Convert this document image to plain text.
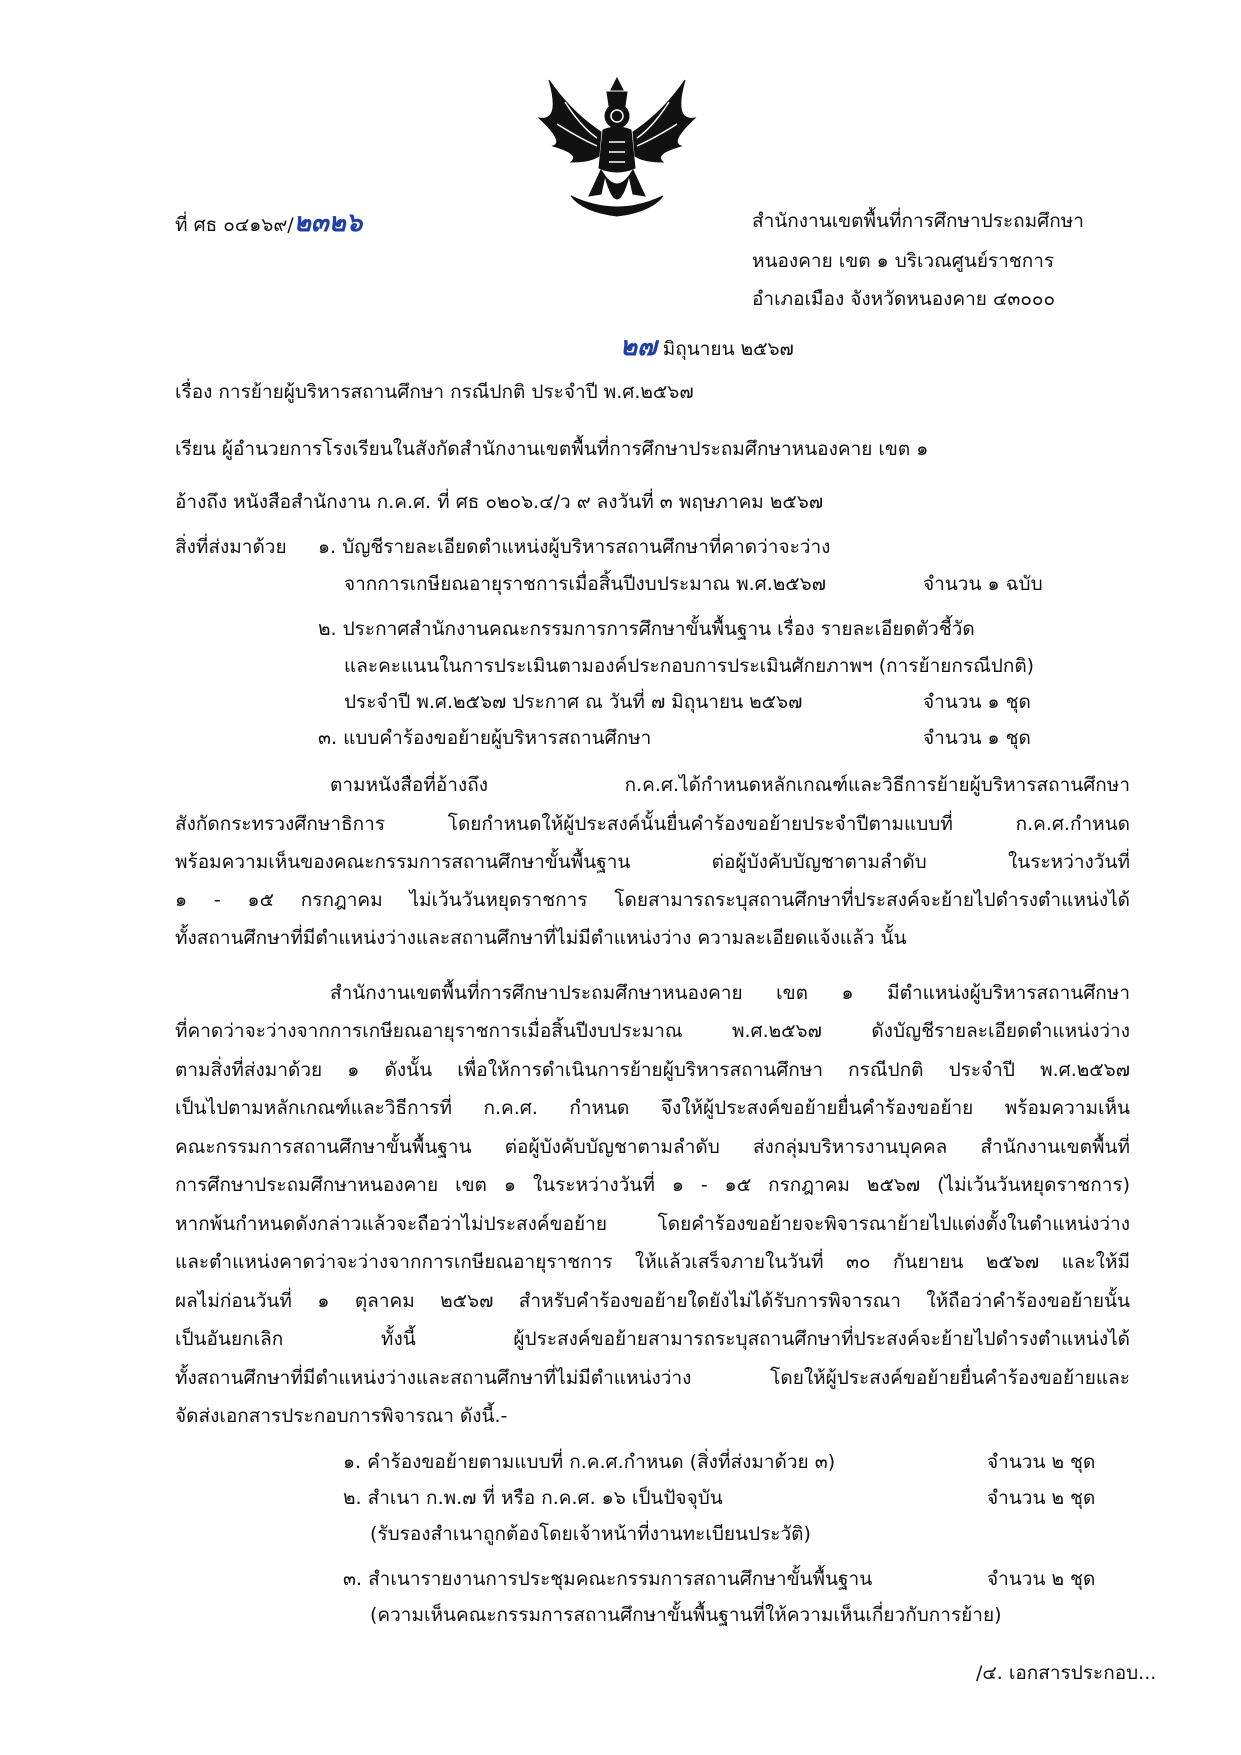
ที่ ศธ ๐๔๑๖๙/๒๓๒๖	สำนักงานเขตพื้นที่การศึกษาประถมศึกษา
หนองคาย เขต ๑ บริเวณศูนย์ราชการ
อำเภอเมือง จังหวัดหนองคาย ๔๓๐๐๐
๒๗ มิถุนายน ๒๕๖๗
เรื่อง การย้ายผู้บริหารสถานศึกษา กรณีปกติ ประจำปี พ.ศ.๒๕๖๗
เรียน ผู้อำนวยการโรงเรียนในสังกัดสำนักงานเขตพื้นที่การศึกษาประถมศึกษาหนองคาย เขต ๑
อ้างถึง หนังสือสำนักงาน ก.ค.ศ. ที่ ศธ ๐๒๐๖.๔/ว ๙ ลงวันที่ ๓ พฤษภาคม ๒๕๖๗
สิ่งที่ส่งมาด้วย ๑. บัญชีรายละเอียดตำแหน่งผู้บริหารสถานศึกษาที่คาดว่าจะว่าง
จากการเกษียณอายุราชการเมื่อสิ้นปีงบประมาณ พ.ศ.๒๕๖๗	จำนวน ๑ ฉบับ
๒. ประกาศสำนักงานคณะกรรมการการศึกษาขั้นพื้นฐาน เรื่อง รายละเอียดตัวชี้วัด
และคะแนนในการประเมินตามองค์ประกอบการประเมินศักยภาพฯ (การย้ายกรณีปกติ)
ประจำปี พ.ศ.๒๕๖๗ ประกาศ ณ วันที่ ๗ มิถุนายน ๒๕๖๗	จำนวน ๑ ชุด
๓. แบบคำร้องขอย้ายผู้บริหารสถานศึกษา	จำนวน ๑ ชุด
ตามหนังสือที่อ้างถึง ก.ค.ศ.ได้กำหนดหลักเกณฑ์และวิธีการย้ายผู้บริหารสถานศึกษา
สังกัดกระทรวงศึกษาธิการ โดยกำหนดให้ผู้ประสงค์นั้นยื่นคำร้องขอย้ายประจำปีตามแบบที่ ก.ค.ศ.กำหนด
พร้อมความเห็นของคณะกรรมการสถานศึกษาขั้นพื้นฐาน ต่อผู้บังคับบัญชาตามลำดับ ในระหว่างวันที่
๑ - ๑๕ กรกฎาคม ไม่เว้นวันหยุดราชการ โดยสามารถระบุสถานศึกษาที่ประสงค์จะย้ายไปดำรงตำแหน่งได้
ทั้งสถานศึกษาที่มีตำแหน่งว่างและสถานศึกษาที่ไม่มีตำแหน่งว่าง ความละเอียดแจ้งแล้ว นั้น
สำนักงานเขตพื้นที่การศึกษาประถมศึกษาหนองคาย เขต ๑ มีตำแหน่งผู้บริหารสถานศึกษา
ที่คาดว่าจะว่างจากการเกษียณอายุราชการเมื่อสิ้นปีงบประมาณ พ.ศ.๒๕๖๗ ดังบัญชีรายละเอียดตำแหน่งว่าง
ตามสิ่งที่ส่งมาด้วย ๑ ดังนั้น เพื่อให้การดำเนินการย้ายผู้บริหารสถานศึกษา กรณีปกติ ประจำปี พ.ศ.๒๕๖๗
เป็นไปตามหลักเกณฑ์และวิธีการที่ ก.ค.ศ. กำหนด จึงให้ผู้ประสงค์ขอย้ายยื่นคำร้องขอย้าย พร้อมความเห็น
คณะกรรมการสถานศึกษาขั้นพื้นฐาน ต่อผู้บังคับบัญชาตามลำดับ ส่งกลุ่มบริหารงานบุคคล สำนักงานเขตพื้นที่
การศึกษาประถมศึกษาหนองคาย เขต ๑ ในระหว่างวันที่ ๑ - ๑๕ กรกฎาคม ๒๕๖๗ (ไม่เว้นวันหยุดราชการ)
หากพ้นกำหนดดังกล่าวแล้วจะถือว่าไม่ประสงค์ขอย้าย โดยคำร้องขอย้ายจะพิจารณาย้ายไปแต่งตั้งในตำแหน่งว่าง
และตำแหน่งคาดว่าจะว่างจากการเกษียณอายุราชการ ให้แล้วเสร็จภายในวันที่ ๓๐ กันยายน ๒๕๖๗ และให้มี
ผลไม่ก่อนวันที่ ๑ ตุลาคม ๒๕๖๗ สำหรับคำร้องขอย้ายใดยังไม่ได้รับการพิจารณา ให้ถือว่าคำร้องขอย้ายนั้น
เป็นอันยกเลิก ทั้งนี้ ผู้ประสงค์ขอย้ายสามารถระบุสถานศึกษาที่ประสงค์จะย้ายไปดำรงตำแหน่งได้
ทั้งสถานศึกษาที่มีตำแหน่งว่างและสถานศึกษาที่ไม่มีตำแหน่งว่าง โดยให้ผู้ประสงค์ขอย้ายยื่นคำร้องขอย้ายและ
จัดส่งเอกสารประกอบการพิจารณา ดังนี้.-
๑. คำร้องขอย้ายตามแบบที่ ก.ค.ศ.กำหนด (สิ่งที่ส่งมาด้วย ๓)	จำนวน ๒ ชุด
๒. สำเนา ก.พ.๗ ที่ หรือ ก.ค.ศ. ๑๖ เป็นปัจจุบัน	จำนวน ๒ ชุด
(รับรองสำเนาถูกต้องโดยเจ้าหน้าที่งานทะเบียนประวัติ)
๓. สำเนารายงานการประชุมคณะกรรมการสถานศึกษาขั้นพื้นฐาน	จำนวน ๒ ชุด
(ความเห็นคณะกรรมการสถานศึกษาขั้นพื้นฐานที่ให้ความเห็นเกี่ยวกับการย้าย)
/๔. เอกสารประกอบ...
